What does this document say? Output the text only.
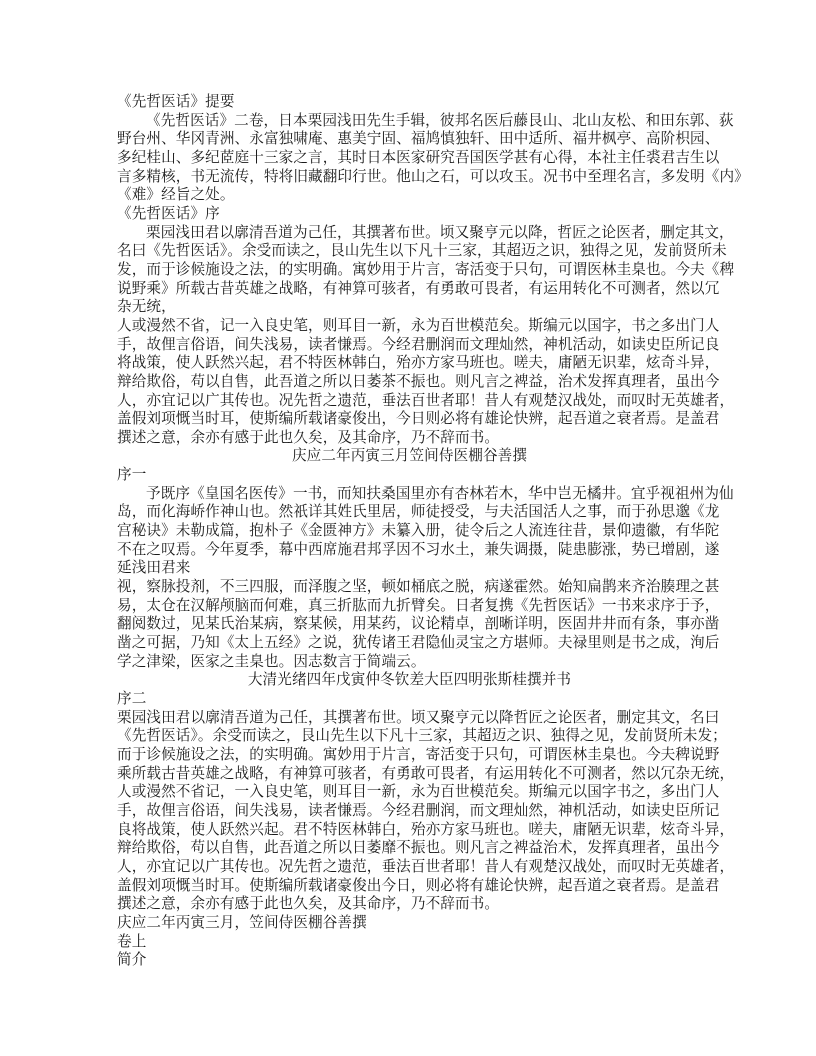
《先哲医话》提要
《先哲医话》二卷，日本栗园浅田先生手辑，彼邦名医后藤艮山、北山友松、和田东郭、荻
野台州、华冈青洲、永富独啸庵、惠美宁固、福鸠慎独轩、田中适所、福井枫亭、高阶枳园、
多纪桂山、多纪茝庭十三家之言，其时日本医家研究吾国医学甚有心得，本社主任裘君吉生以
言多精核，书无流传，特将旧藏翻印行世。他山之石，可以攻玉。况书中至理名言，多发明《内》
《难》经旨之处。
《先哲医话》序
栗园浅田君以廓清吾道为己任，其撰著布世。顷又聚亨元以降，哲匠之论医者，删定其文，
名曰《先哲医话》。余受而读之，艮山先生以下凡十三家，其超迈之识，独得之见，发前贤所未
发，而于诊候施设之法，的实明确。寓妙用于片言，寄活变于只句，可谓医林圭臬也。今夫《稗
说野乘》所载古昔英雄之战略，有神算可骇者，有勇敢可畏者，有运用转化不可测者，然以冗
杂无统，
人或漫然不省，记一入良史笔，则耳目一新，永为百世模范矣。斯编元以国字，书之多出门人
手，故俚言俗语，间失浅易，读者慊焉。今经君删润而文理灿然，神机活动，如读史臣所记良
将战策，使人跃然兴起，君不特医林韩白，殆亦方家马班也。嗟夫，庸陋无识辈，炫奇斗异，
辩给欺俗，苟以自售，此吾道之所以日萎茶不振也。则凡言之裨益，治术发挥真理者，虽出今
人，亦宜记以广其传也。况先哲之遗范，垂法百世者耶！昔人有观楚汉战处，而叹时无英雄者，
盖假刘项慨当时耳，使斯编所载诸豪俊出，今日则必将有雄论快辨，起吾道之衰者焉。是盖君
撰述之意，余亦有感于此也久矣，及其命序，乃不辞而书。
庆应二年丙寅三月笠间侍医棚谷善撰
序一
予既序《皇国名医传》一书，而知扶桑国里亦有杏林若木，华中岂无橘井。宜乎视祖州为仙
岛，而化海峤作神山也。然祇详其姓氏里居，师徒授受，与夫活国活人之事，而于孙思邈《龙
宫秘诀》未勒成篇，抱朴子《金匮神方》未纂入册，徒令后之人流连往昔，景仰遗徽，有华陀
不在之叹焉。今年夏季，幕中西席施君邦孚因不习水土，兼失调摄，陡患膨涨，势已增剧，遂
延浅田君来
视，察脉投剂，不三四服，而泽腹之坚，顿如桶底之脱，病遂霍然。始知扁鹊来齐治腠理之甚
易，太仓在汉解颅脑而何难，真三折肱而九折臂矣。日者复携《先哲医话》一书来求序于予，
翻阅数过，见某氏治某病，察某候，用某药，议论精卓，剖晰详明，医固井井而有条，事亦凿
凿之可据，乃知《太上五经》之说，犹传诸王君隐仙灵宝之方堪师。夫禄里则是书之成，洵后
学之津梁，医家之圭臬也。因志数言于简端云。
大清光绪四年戊寅仲冬钦差大臣四明张斯桂撰并书
序二
栗园浅田君以廓清吾道为己任，其撰著布世。顷又聚亨元以降哲匠之论医者，删定其文，名曰
《先哲医话》。余受而读之，艮山先生以下凡十三家，其超迈之识、独得之见，发前贤所未发；
而于诊候施设之法，的实明确。寓妙用于片言，寄活变于只句，可谓医林圭臬也。今夫稗说野
乘所载古昔英雄之战略，有神算可骇者，有勇敢可畏者，有运用转化不可测者，然以冗杂无统，
人或漫然不省记，一入良史笔，则耳目一新，永为百世模范矣。斯编元以国字书之，多出门人
手，故俚言俗语，间失浅易，读者慊焉。今经君删润，而文理灿然，神机活动，如读史臣所记
良将战策，使人跃然兴起。君不特医林韩白，殆亦方家马班也。嗟夫，庸陋无识辈，炫奇斗异，
辩给欺俗，苟以自售，此吾道之所以日萎靡不振也。则凡言之裨益治术，发挥真理者，虽出今
人，亦宜记以广其传也。况先哲之遗范，垂法百世者耶！昔人有观楚汉战处，而叹时无英雄者，
盖假刘项慨当时耳。使斯编所载诸豪俊出今日，则必将有雄论快辨，起吾道之衰者焉。是盖君
撰述之意，余亦有感于此也久矣，及其命序，乃不辞而书。
庆应二年丙寅三月，笠间侍医棚谷善撰
卷上
简介
